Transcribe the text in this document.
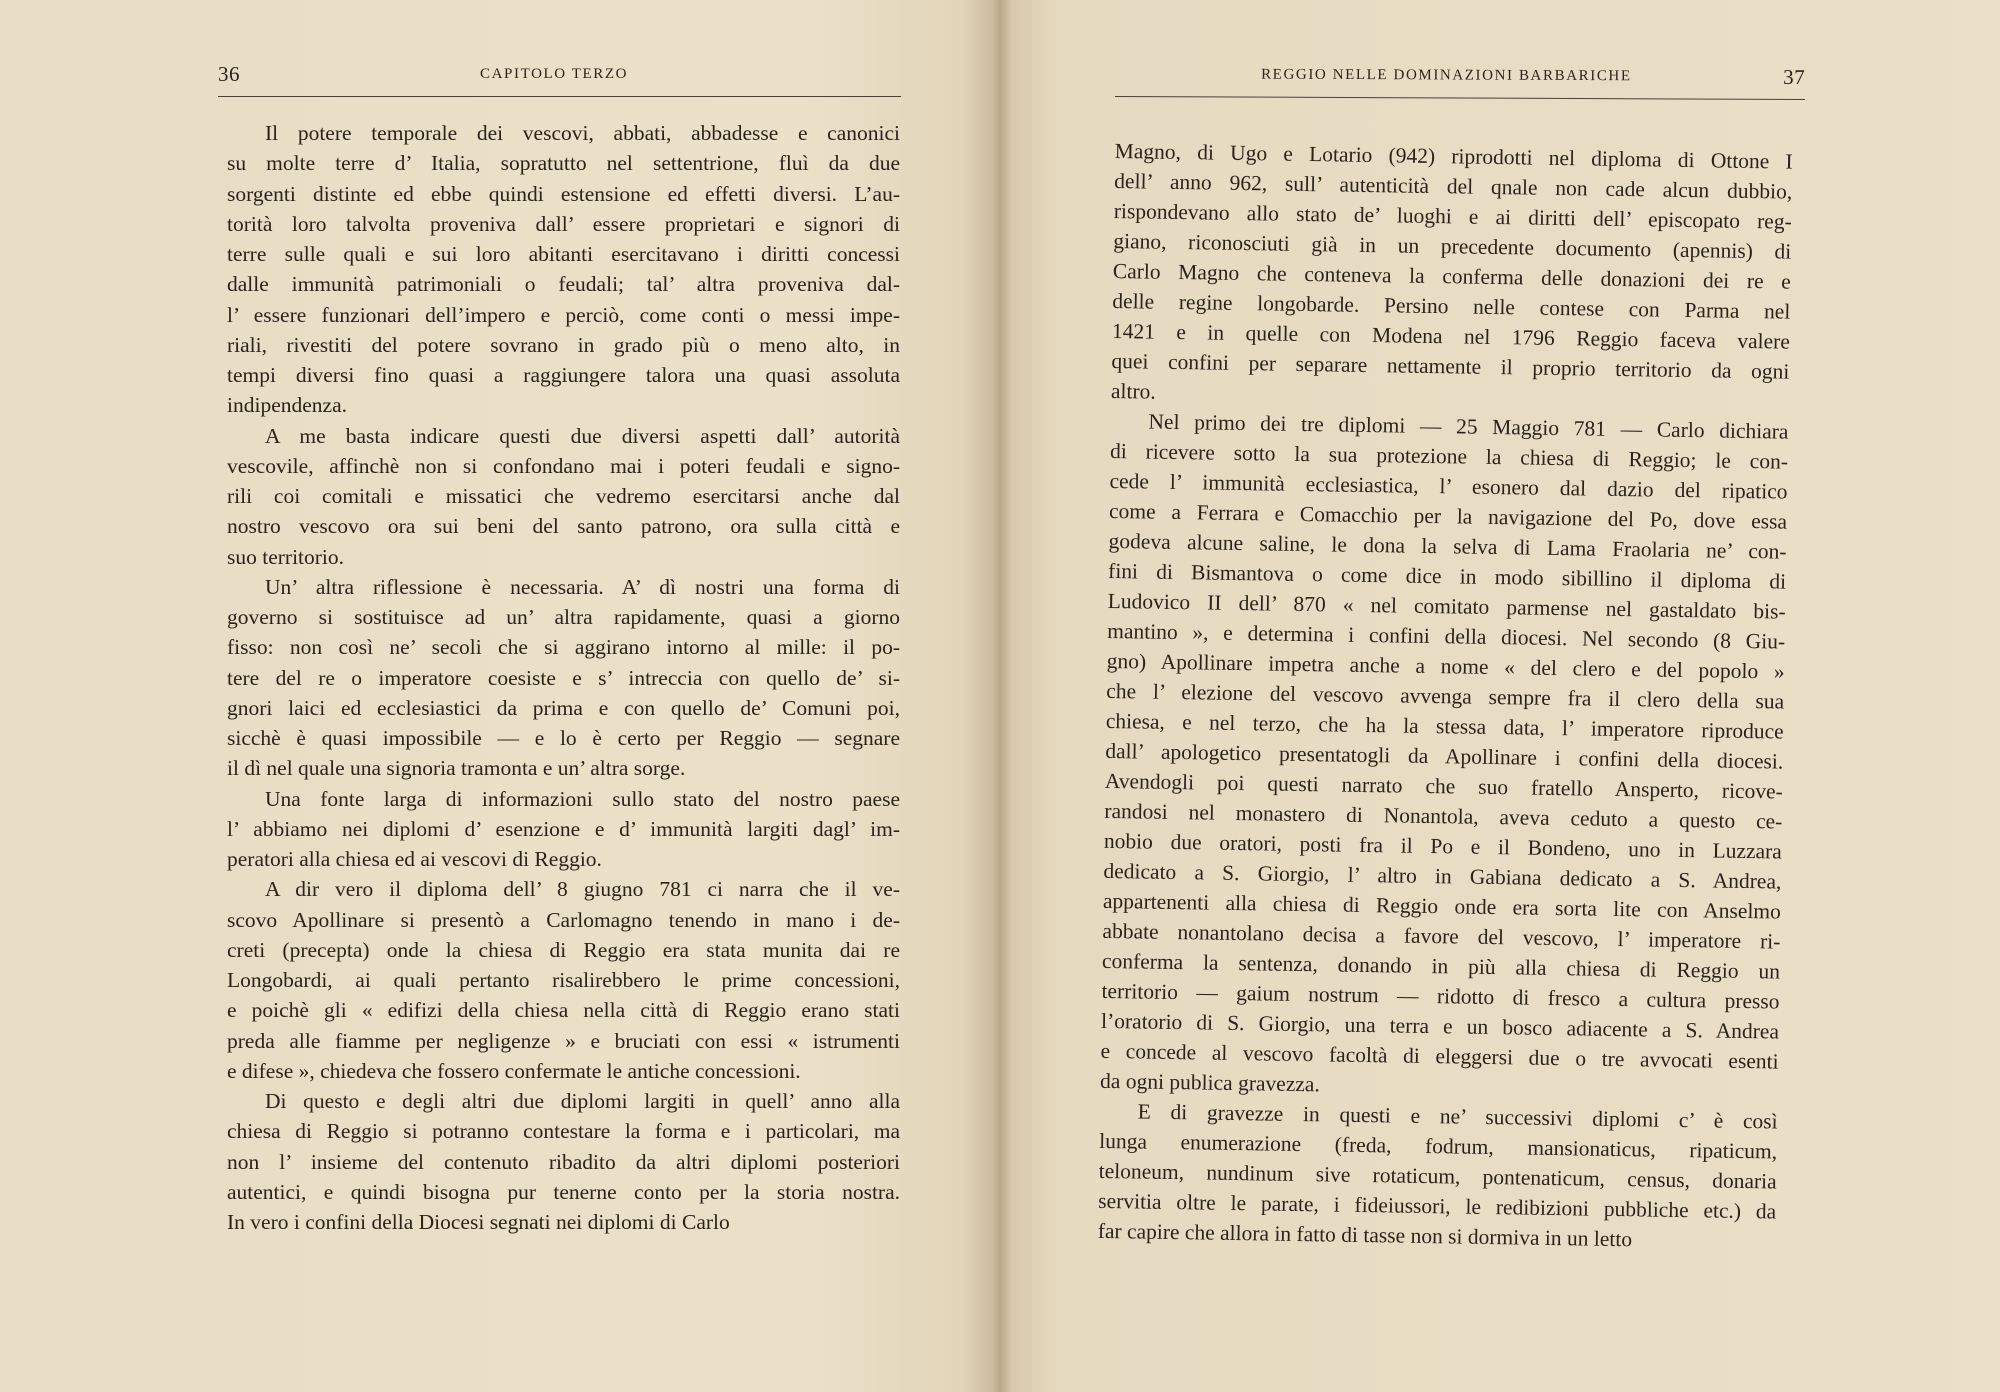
36	CAPITOLO TERZO
Il potere temporale dei vescovi, abbati, abbadesse e canonici
su molte terre d’ Italia, sopratutto nel settentrione, fluì da due
sorgenti distinte ed ebbe quindi estensione ed effetti diversi. L’au-
torità loro talvolta proveniva dall’ essere proprietari e signori di
terre sulle quali e sui loro abitanti esercitavano i diritti concessi
dalle immunità patrimoniali o feudali; tal’ altra proveniva dal-
l’ essere funzionari dell’impero e perciò, come conti o messi impe-
riali, rivestiti del potere sovrano in grado più o meno alto, in
tempi diversi fino quasi a raggiungere talora una quasi assoluta
indipendenza.
A me basta indicare questi due diversi aspetti dall’ autorità
vescovile, affinchè non si confondano mai i poteri feudali e signo-
rili coi comitali e missatici che vedremo esercitarsi anche dal
nostro vescovo ora sui beni del santo patrono, ora sulla città e
suo territorio.
Un’ altra riflessione è necessaria. A’ dì nostri una forma di
governo si sostituisce ad un’ altra rapidamente, quasi a giorno
fisso: non così ne’ secoli che si aggirano intorno al mille: il po-
tere del re o imperatore coesiste e s’ intreccia con quello de’ si-
gnori laici ed ecclesiastici da prima e con quello de’ Comuni poi,
sicchè è quasi impossibile — e lo è certo per Reggio — segnare
il dì nel quale una signoria tramonta e un’ altra sorge.
Una fonte larga di informazioni sullo stato del nostro paese
l’ abbiamo nei diplomi d’ esenzione e d’ immunità largiti dagl’ im-
peratori alla chiesa ed ai vescovi di Reggio.
A dir vero il diploma dell’ 8 giugno 781 ci narra che il ve-
scovo Apollinare si presentò a Carlomagno tenendo in mano i de-
creti (precepta) onde la chiesa di Reggio era stata munita dai re
Longobardi, ai quali pertanto risalirebbero le prime concessioni,
e poichè gli « edifizi della chiesa nella città di Reggio erano stati
preda alle fiamme per negligenze » e bruciati con essi « istrumenti
e difese », chiedeva che fossero confermate le antiche concessioni.
Di questo e degli altri due diplomi largiti in quell’ anno alla
chiesa di Reggio si potranno contestare la forma e i particolari, ma
non l’ insieme del contenuto ribadito da altri diplomi posteriori
autentici, e quindi bisogna pur tenerne conto per la storia nostra.
In vero i confini della Diocesi segnati nei diplomi di Carlo
REGGIO NELLE DOMINAZIONI BARBARICHE	37
Magno, di Ugo e Lotario (942) riprodotti nel diploma di Ottone I
dell’ anno 962, sull’ autenticità del qnale non cade alcun dubbio,
rispondevano allo stato de’ luoghi e ai diritti dell’ episcopato reg-
giano, riconosciuti già in un precedente documento (apennis) di
Carlo Magno che conteneva la conferma delle donazioni dei re e
delle regine longobarde. Persino nelle contese con Parma nel
1421 e in quelle con Modena nel 1796 Reggio faceva valere
quei confini per separare nettamente il proprio territorio da ogni
altro.
Nel primo dei tre diplomi — 25 Maggio 781 — Carlo dichiara
di ricevere sotto la sua protezione la chiesa di Reggio; le con-
cede l’ immunità ecclesiastica, l’ esonero dal dazio del ripatico
come a Ferrara e Comacchio per la navigazione del Po, dove essa
godeva alcune saline, le dona la selva di Lama Fraolaria ne’ con-
fini di Bismantova o come dice in modo sibillino il diploma di
Ludovico II dell’ 870 « nel comitato parmense nel gastaldato bis-
mantino », e determina i confini della diocesi. Nel secondo (8 Giu-
gno) Apollinare impetra anche a nome « del clero e del popolo »
che l’ elezione del vescovo avvenga sempre fra il clero della sua
chiesa, e nel terzo, che ha la stessa data, l’ imperatore riproduce
dall’ apologetico presentatogli da Apollinare i confini della diocesi.
Avendogli poi questi narrato che suo fratello Ansperto, ricove-
randosi nel monastero di Nonantola, aveva ceduto a questo ce-
nobio due oratori, posti fra il Po e il Bondeno, uno in Luzzara
dedicato a S. Giorgio, l’ altro in Gabiana dedicato a S. Andrea,
appartenenti alla chiesa di Reggio onde era sorta lite con Anselmo
abbate nonantolano decisa a favore del vescovo, l’ imperatore ri-
conferma la sentenza, donando in più alla chiesa di Reggio un
territorio — gaium nostrum — ridotto di fresco a cultura presso
l’oratorio di S. Giorgio, una terra e un bosco adiacente a S. Andrea
e concede al vescovo facoltà di eleggersi due o tre avvocati esenti
da ogni publica gravezza.
E di gravezze in questi e ne’ successivi diplomi c’ è così
lunga enumerazione (freda, fodrum, mansionaticus, ripaticum,
teloneum, nundinum sive rotaticum, pontenaticum, census, donaria
servitia oltre le parate, i fideiussori, le redibizioni pubbliche etc.) da
far capire che allora in fatto di tasse non si dormiva in un letto
